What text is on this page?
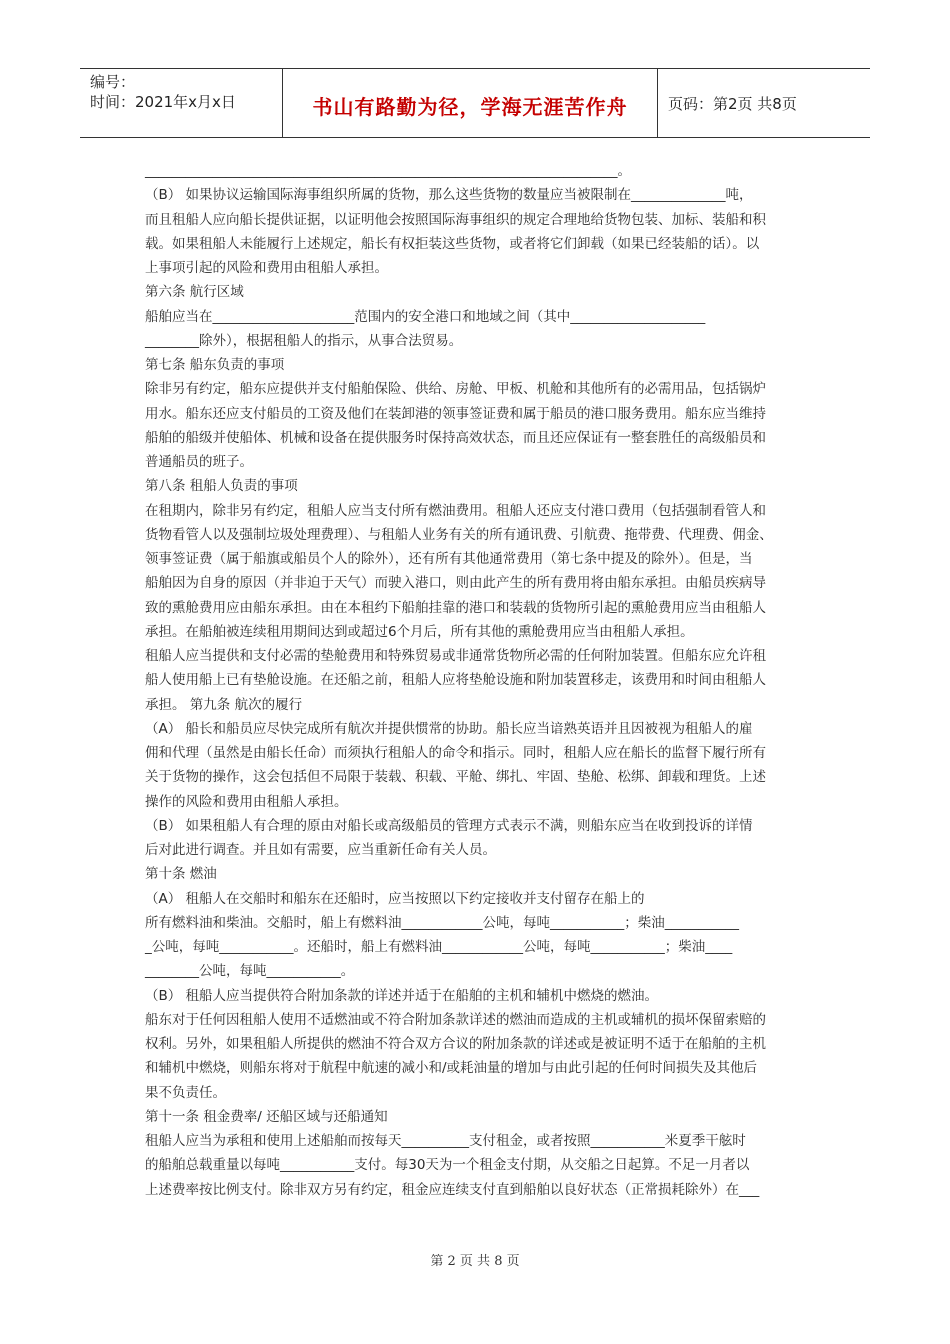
编号：
时间：2021年x月x日	书山有路勤为径，学海无涯苦作舟	页码：第2页 共8页
______________________________________________________________________。
（B） 如果协议运输国际海事组织所属的货物，那么这些货物的数量应当被限制在______________吨，
而且租船人应向船长提供证据，以证明他会按照国际海事组织的规定合理地给货物包装、加标、装船和积
载。如果租船人未能履行上述规定，船长有权拒装这些货物，或者将它们卸载（如果已经装船的话）。以
上事项引起的风险和费用由租船人承担。
第六条 航行区域
船舶应当在_____________________范围内的安全港口和地域之间（其中____________________
________除外），根据租船人的指示，从事合法贸易。
第七条 船东负责的事项
除非另有约定，船东应提供并支付船舶保险、供给、房舱、甲板、机舱和其他所有的必需用品，包括锅炉
用水。船东还应支付船员的工资及他们在装卸港的领事签证费和属于船员的港口服务费用。船东应当维持
船舶的船级并使船体、机械和设备在提供服务时保持高效状态，而且还应保证有一整套胜任的高级船员和
普通船员的班子。
第八条 租船人负责的事项
在租期内，除非另有约定，租船人应当支付所有燃油费用。租船人还应支付港口费用（包括强制看管人和
货物看管人以及强制垃圾处理费理）、与租船人业务有关的所有通讯费、引航费、拖带费、代理费、佣金、
领事签证费（属于船旗或船员个人的除外），还有所有其他通常费用（第七条中提及的除外）。但是，当
船舶因为自身的原因（并非迫于天气）而驶入港口，则由此产生的所有费用将由船东承担。由船员疾病导
致的熏舱费用应由船东承担。由在本租约下船舶挂靠的港口和装载的货物所引起的熏舱费用应当由租船人
承担。在船舶被连续租用期间达到或超过6个月后，所有其他的熏舱费用应当由租船人承担。
租船人应当提供和支付必需的垫舱费用和特殊贸易或非通常货物所必需的任何附加装置。但船东应允许租
船人使用船上已有垫舱设施。在还船之前，租船人应将垫舱设施和附加装置移走，该费用和时间由租船人
承担。 第九条 航次的履行
（A） 船长和船员应尽快完成所有航次并提供惯常的协助。船长应当谙熟英语并且因被视为租船人的雇
佣和代理（虽然是由船长任命）而须执行租船人的命令和指示。同时，租船人应在船长的监督下履行所有
关于货物的操作，这会包括但不局限于装载、积载、平舱、绑扎、牢固、垫舱、松绑、卸载和理货。上述
操作的风险和费用由租船人承担。
（B） 如果租船人有合理的原由对船长或高级船员的管理方式表示不满，则船东应当在收到投诉的详情
后对此进行调查。并且如有需要，应当重新任命有关人员。
第十条 燃油
（A） 租船人在交船时和船东在还船时，应当按照以下约定接收并支付留存在船上的
所有燃料油和柴油。交船时，船上有燃料油____________公吨，每吨___________；柴油___________
_公吨，每吨___________。还船时，船上有燃料油____________公吨，每吨___________；柴油____
________公吨，每吨___________。
（B） 租船人应当提供符合附加条款的详述并适于在船舶的主机和辅机中燃烧的燃油。
船东对于任何因租船人使用不适燃油或不符合附加条款详述的燃油而造成的主机或辅机的损坏保留索赔的
权利。另外，如果租船人所提供的燃油不符合双方合议的附加条款的详述或是被证明不适于在船舶的主机
和辅机中燃烧，则船东将对于航程中航速的减小和/或耗油量的增加与由此引起的任何时间损失及其他后
果不负责任。
第十一条 租金费率/ 还船区域与还船通知
租船人应当为承租和使用上述船舶而按每天__________支付租金，或者按照___________米夏季干舷时
的船舶总载重量以每吨___________支付。每30天为一个租金支付期，从交船之日起算。不足一月者以
上述费率按比例支付。除非双方另有约定，租金应连续支付直到船舶以良好状态（正常损耗除外）在___
第 2 页 共 8 页
